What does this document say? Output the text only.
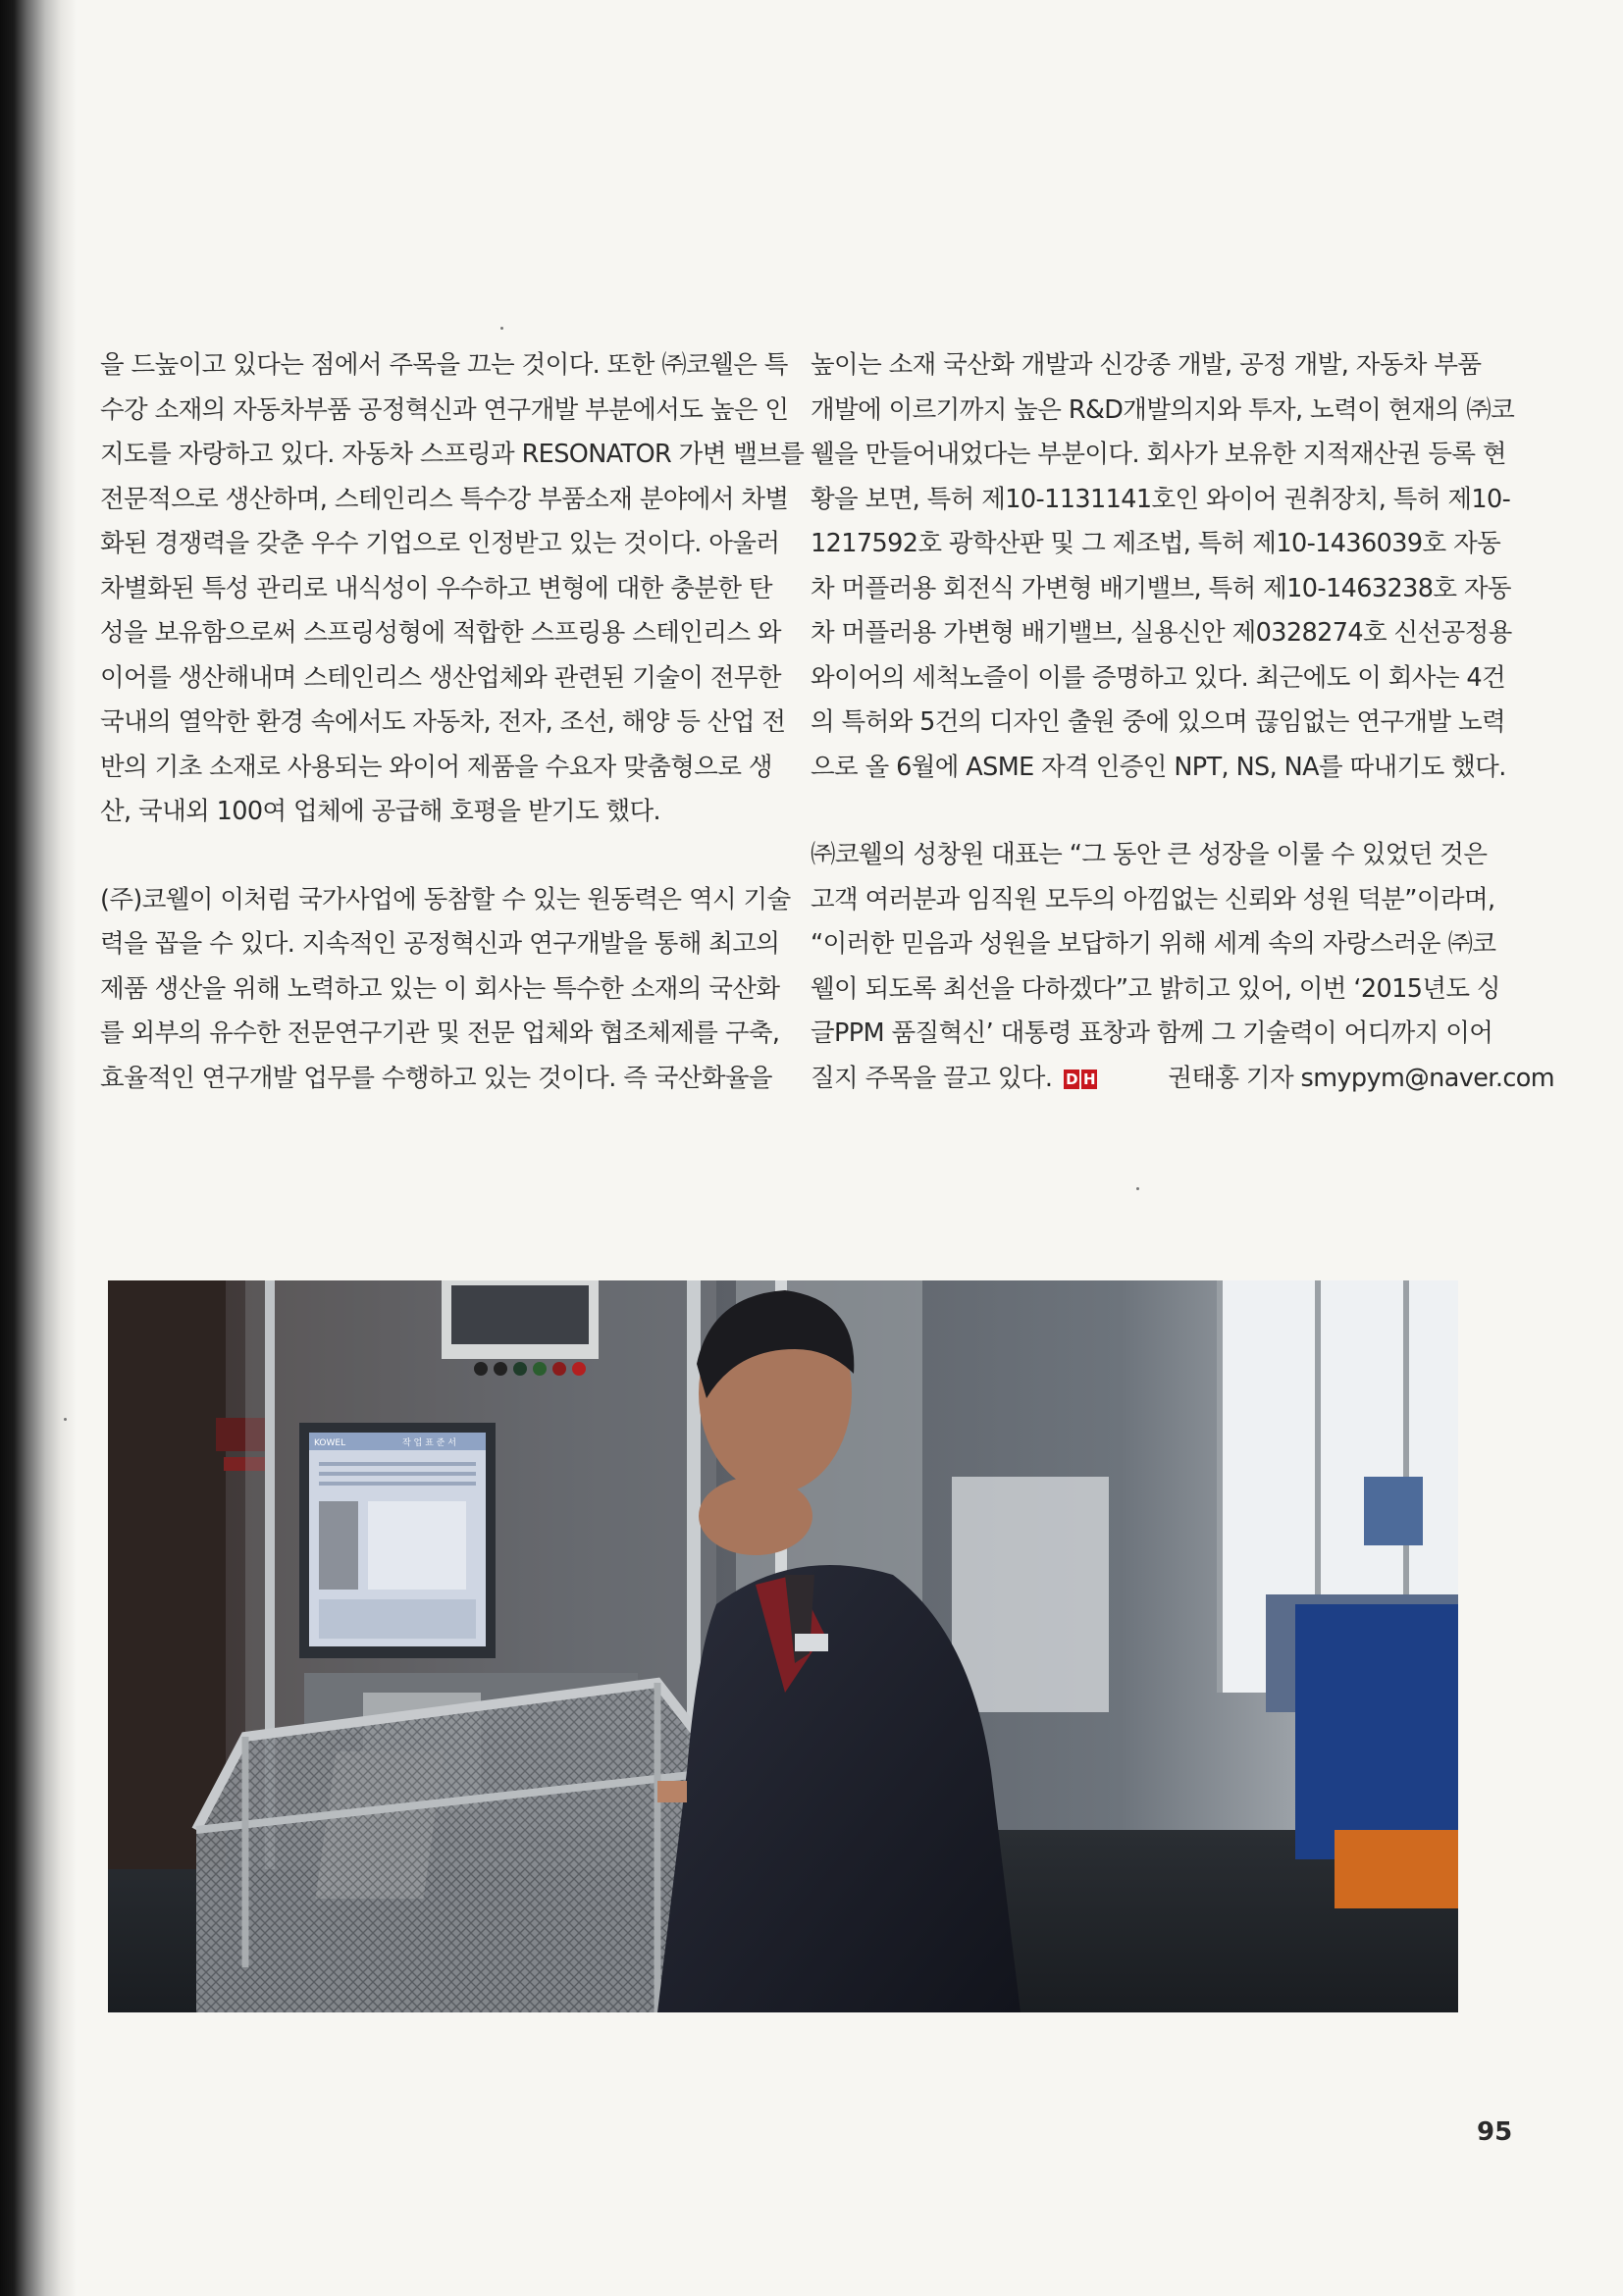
을 드높이고 있다는 점에서 주목을 끄는 것이다. 또한 ㈜코웰은 특
수강 소재의 자동차부품 공정혁신과 연구개발 부분에서도 높은 인
지도를 자랑하고 있다. 자동차 스프링과 RESONATOR 가변 밸브를
전문적으로 생산하며, 스테인리스 특수강 부품소재 분야에서 차별
화된 경쟁력을 갖춘 우수 기업으로 인정받고 있는 것이다. 아울러
차별화된 특성 관리로 내식성이 우수하고 변형에 대한 충분한 탄
성을 보유함으로써 스프링성형에 적합한 스프링용 스테인리스 와
이어를 생산해내며 스테인리스 생산업체와 관련된 기술이 전무한
국내의 열악한 환경 속에서도 자동차, 전자, 조선, 해양 등 산업 전
반의 기초 소재로 사용되는 와이어 제품을 수요자 맞춤형으로 생
산, 국내외 100여 업체에 공급해 호평을 받기도 했다.

(주)코웰이 이처럼 국가사업에 동참할 수 있는 원동력은 역시 기술
력을 꼽을 수 있다. 지속적인 공정혁신과 연구개발을 통해 최고의
제품 생산을 위해 노력하고 있는 이 회사는 특수한 소재의 국산화
를 외부의 유수한 전문연구기관 및 전문 업체와 협조체제를 구축,
효율적인 연구개발 업무를 수행하고 있는 것이다. 즉 국산화율을

높이는 소재 국산화 개발과 신강종 개발, 공정 개발, 자동차 부품
개발에 이르기까지 높은 R&D개발의지와 투자, 노력이 현재의 ㈜코
웰을 만들어내었다는 부분이다. 회사가 보유한 지적재산권 등록 현
황을 보면, 특허 제10-1131141호인 와이어 권취장치, 특허 제10-
1217592호 광학산판 및 그 제조법, 특허 제10-1436039호 자동
차 머플러용 회전식 가변형 배기밸브, 특허 제10-1463238호 자동
차 머플러용 가변형 배기밸브, 실용신안 제0328274호 신선공정용
와이어의 세척노즐이 이를 증명하고 있다. 최근에도 이 회사는 4건
의 특허와 5건의 디자인 출원 중에 있으며 끊임없는 연구개발 노력
으로 올 6월에 ASME 자격 인증인 NPT, NS, NA를 따내기도 했다.

㈜코웰의 성창원 대표는 “그 동안 큰 성장을 이룰 수 있었던 것은
고객 여러분과 임직원 모두의 아낌없는 신뢰와 성원 덕분”이라며,
“이러한 믿음과 성원을 보답하기 위해 세계 속의 자랑스러운 ㈜코
웰이 되도록 최선을 다하겠다”고 밝히고 있어, 이번 ‘2015년도 싱
글PPM 품질혁신’ 대통령 표창과 함께 그 기술력이 어디까지 이어
질지 주목을 끌고 있다. D H	권태홍 기자 smypym@naver.com

KOWEL	작 업 표 준 서
95
